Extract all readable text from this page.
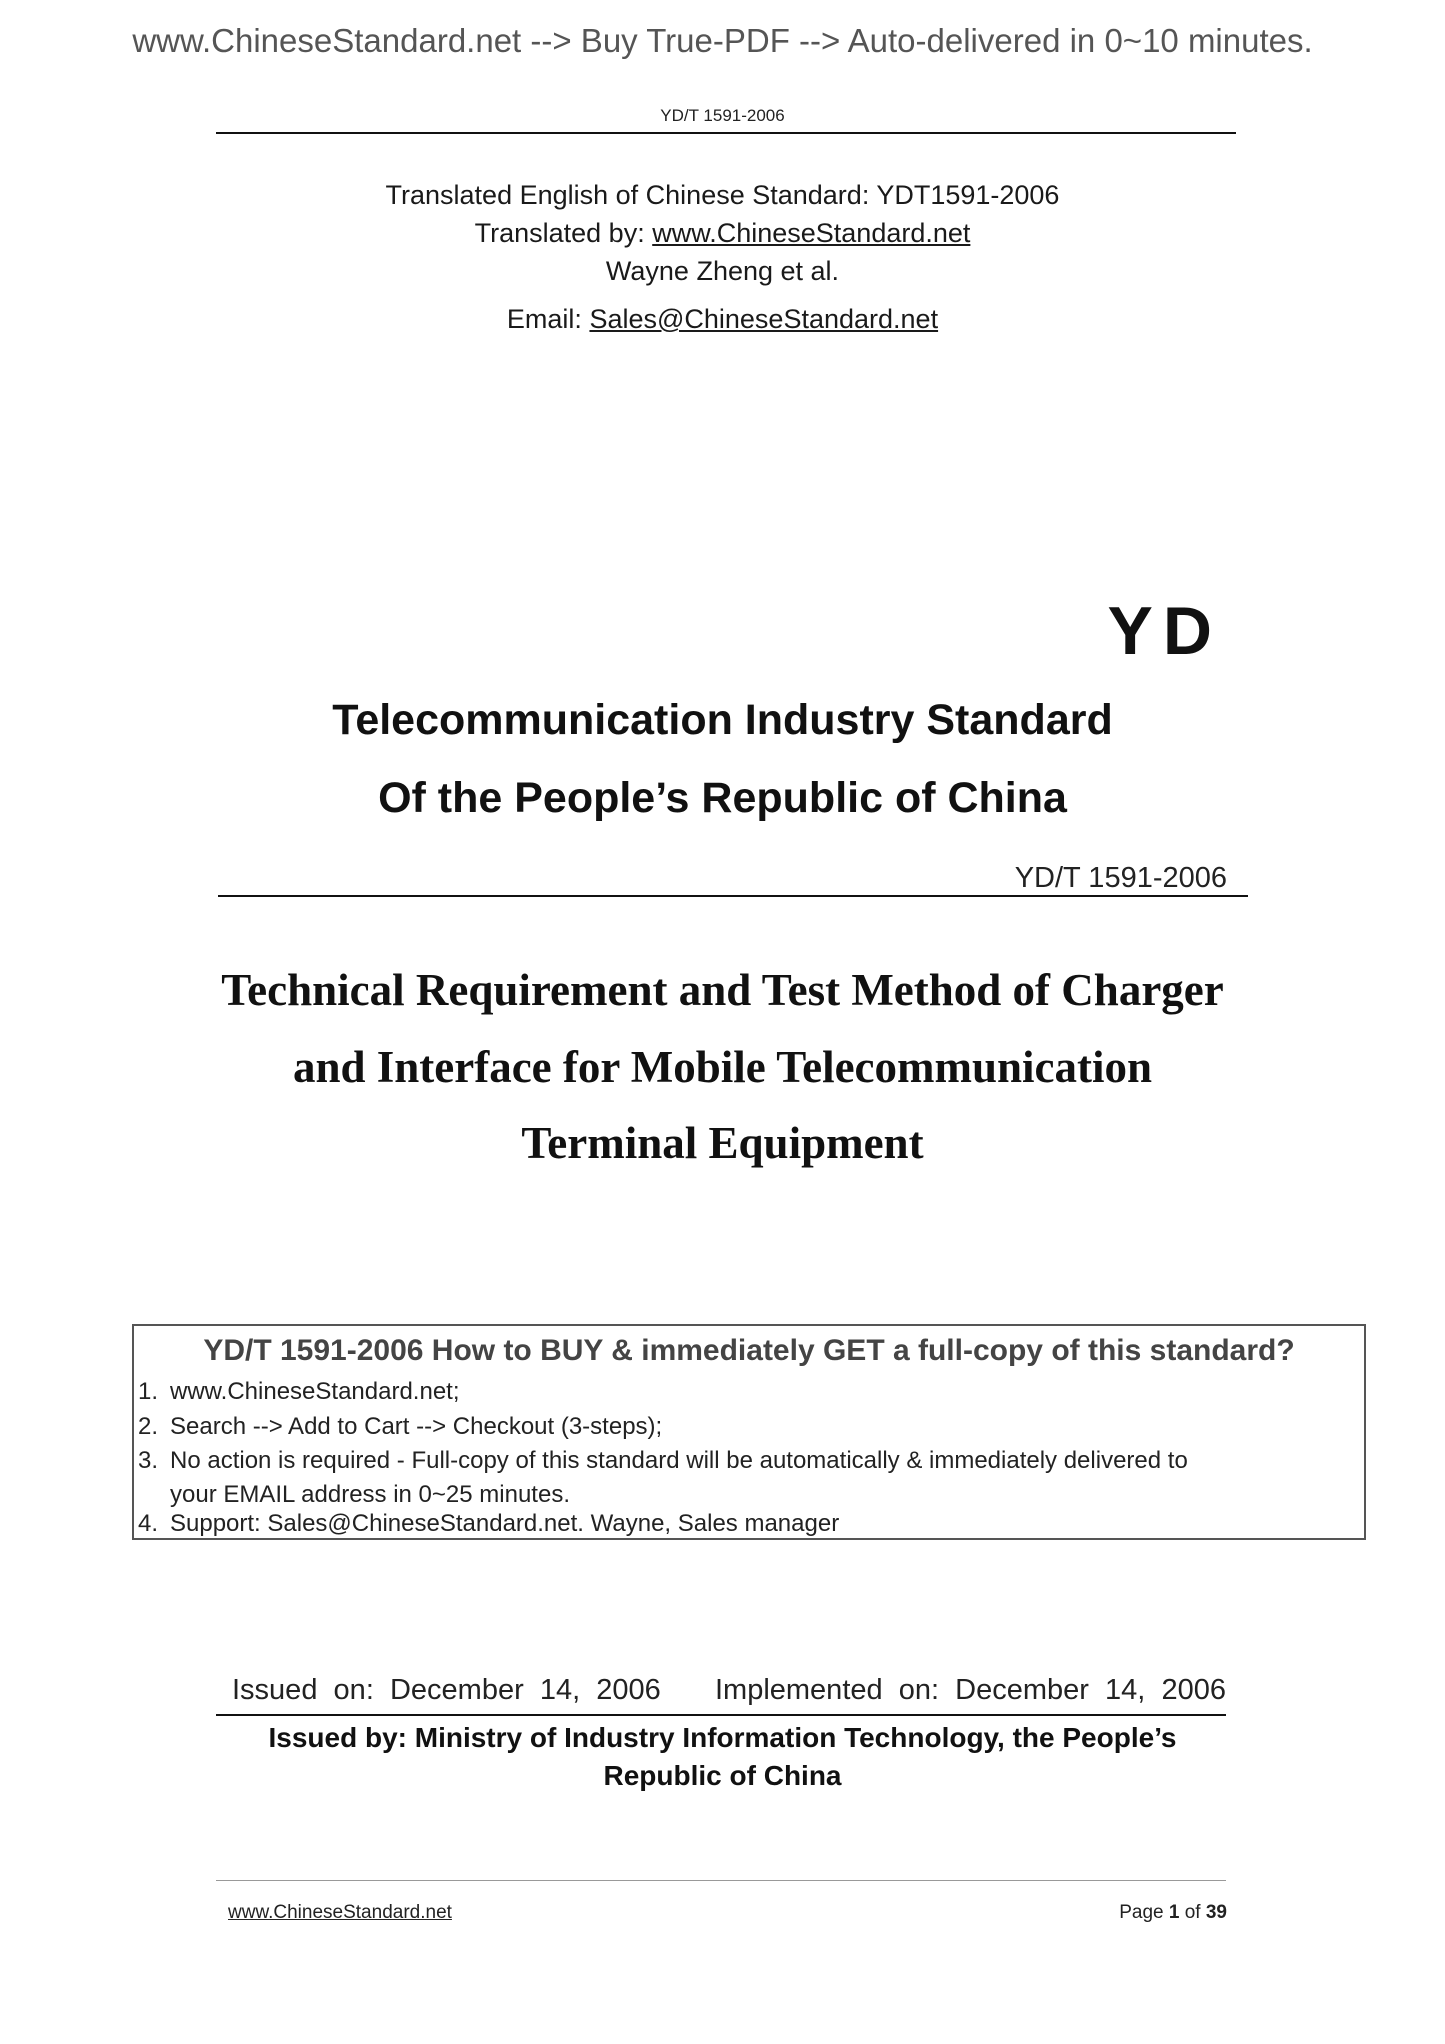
www.ChineseStandard.net --> Buy True-PDF --> Auto-delivered in 0~10 minutes.
YD/T 1591-2006
Translated English of Chinese Standard: YDT1591-2006
Translated by: www.ChineseStandard.net
Wayne Zheng et al.
Email: Sales@ChineseStandard.net
YD
Telecommunication Industry Standard
Of the People’s Republic of China
YD/T 1591-2006
Technical Requirement and Test Method of Charger
and Interface for Mobile Telecommunication
Terminal Equipment
YD/T 1591-2006 How to BUY & immediately GET a full-copy of this standard?
1. www.ChineseStandard.net;
2. Search --> Add to Cart --> Checkout (3-steps);
3. No action is required - Full-copy of this standard will be automatically & immediately delivered to
your EMAIL address in 0~25 minutes.
4. Support: Sales@ChineseStandard.net. Wayne, Sales manager
Issued  on:  December  14,  2006 Implemented  on:  December  14,  2006
Issued by: Ministry of Industry Information Technology, the People’s
Republic of China
www.ChineseStandard.net	Page 1 of 39
